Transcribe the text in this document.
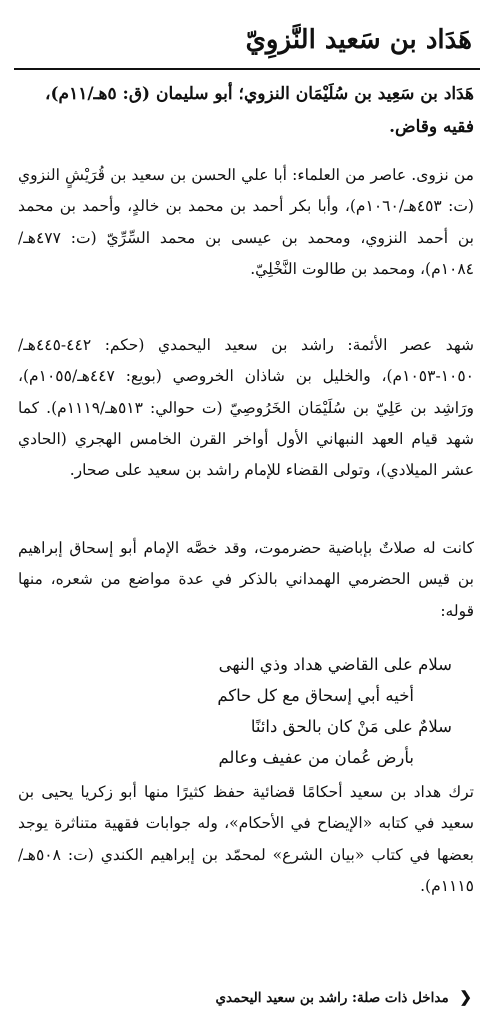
هَدَاد بن سَعيد النَّزوِيّ

هَدَاد بن سَعِيد بن سُلَيْمَان النزوي؛ أبو سليمان (ق: ٥هـ/١١م)، فقيه وقاض.

من نزوى. عاصر من العلماء: أبا علي الحسن بن سعيد بن قُرَيْشٍ النزوي (ت: ٤٥٣هـ/١٠٦٠م)، وأبا بكر أحمد بن محمد بن خالدٍ، وأحمد بن محمد بن أحمد النزوي، ومحمد بن عيسى بن محمد السِّرِّيّ (ت: ٤٧٧هـ/١٠٨٤م)، ومحمد بن طالوت النَّخْلِيّ.

شهد عصر الأئمة: راشد بن سعيد اليحمدي (حكم: ٤٤٢-٤٤٥هـ/ ١٠٥٠-١٠٥٣م)، والخليل بن شاذان الخروصي (بويع: ٤٤٧هـ/١٠٥٥م)، ورَاشِد بن عَلِيّ بن سُلَيْمَان الخَرُوصِيّ (ت حوالي: ٥١٣هـ/١١١٩م). كما شهد قيام العهد النبهاني الأول أواخر القرن الخامس الهجري (الحادي عشر الميلادي)، وتولى القضاء للإمام راشد بن سعيد على صحار.

كانت له صلاتٌ بإباضية حضرموت، وقد خصَّه الإمام أبو إسحاق إبراهيم بن قيس الحضرمي الهمداني بالذكر في عدة مواضع من شعره، منها قوله:

سلام على القاضي هداد وذي النهى
أخيه أبي إسحاق مع كل حاكم
سلامٌ على مَنْ كان بالحق دائنًا
بأرض عُمان من عفيف وعالم

ترك هداد بن سعيد أحكامًا قضائية حفظ كثيرًا منها أبو زكريا يحيى بن سعيد في كتابه «الإيضاح في الأحكام»، وله جوابات فقهية متناثرة يوجد بعضها في كتاب «بيان الشرع» لمحمّد بن إبراهيم الكندي (ت: ٥٠٨هـ/١١١٥م).

❮ مداخل ذات صلة: راشد بن سعيد اليحمدي
